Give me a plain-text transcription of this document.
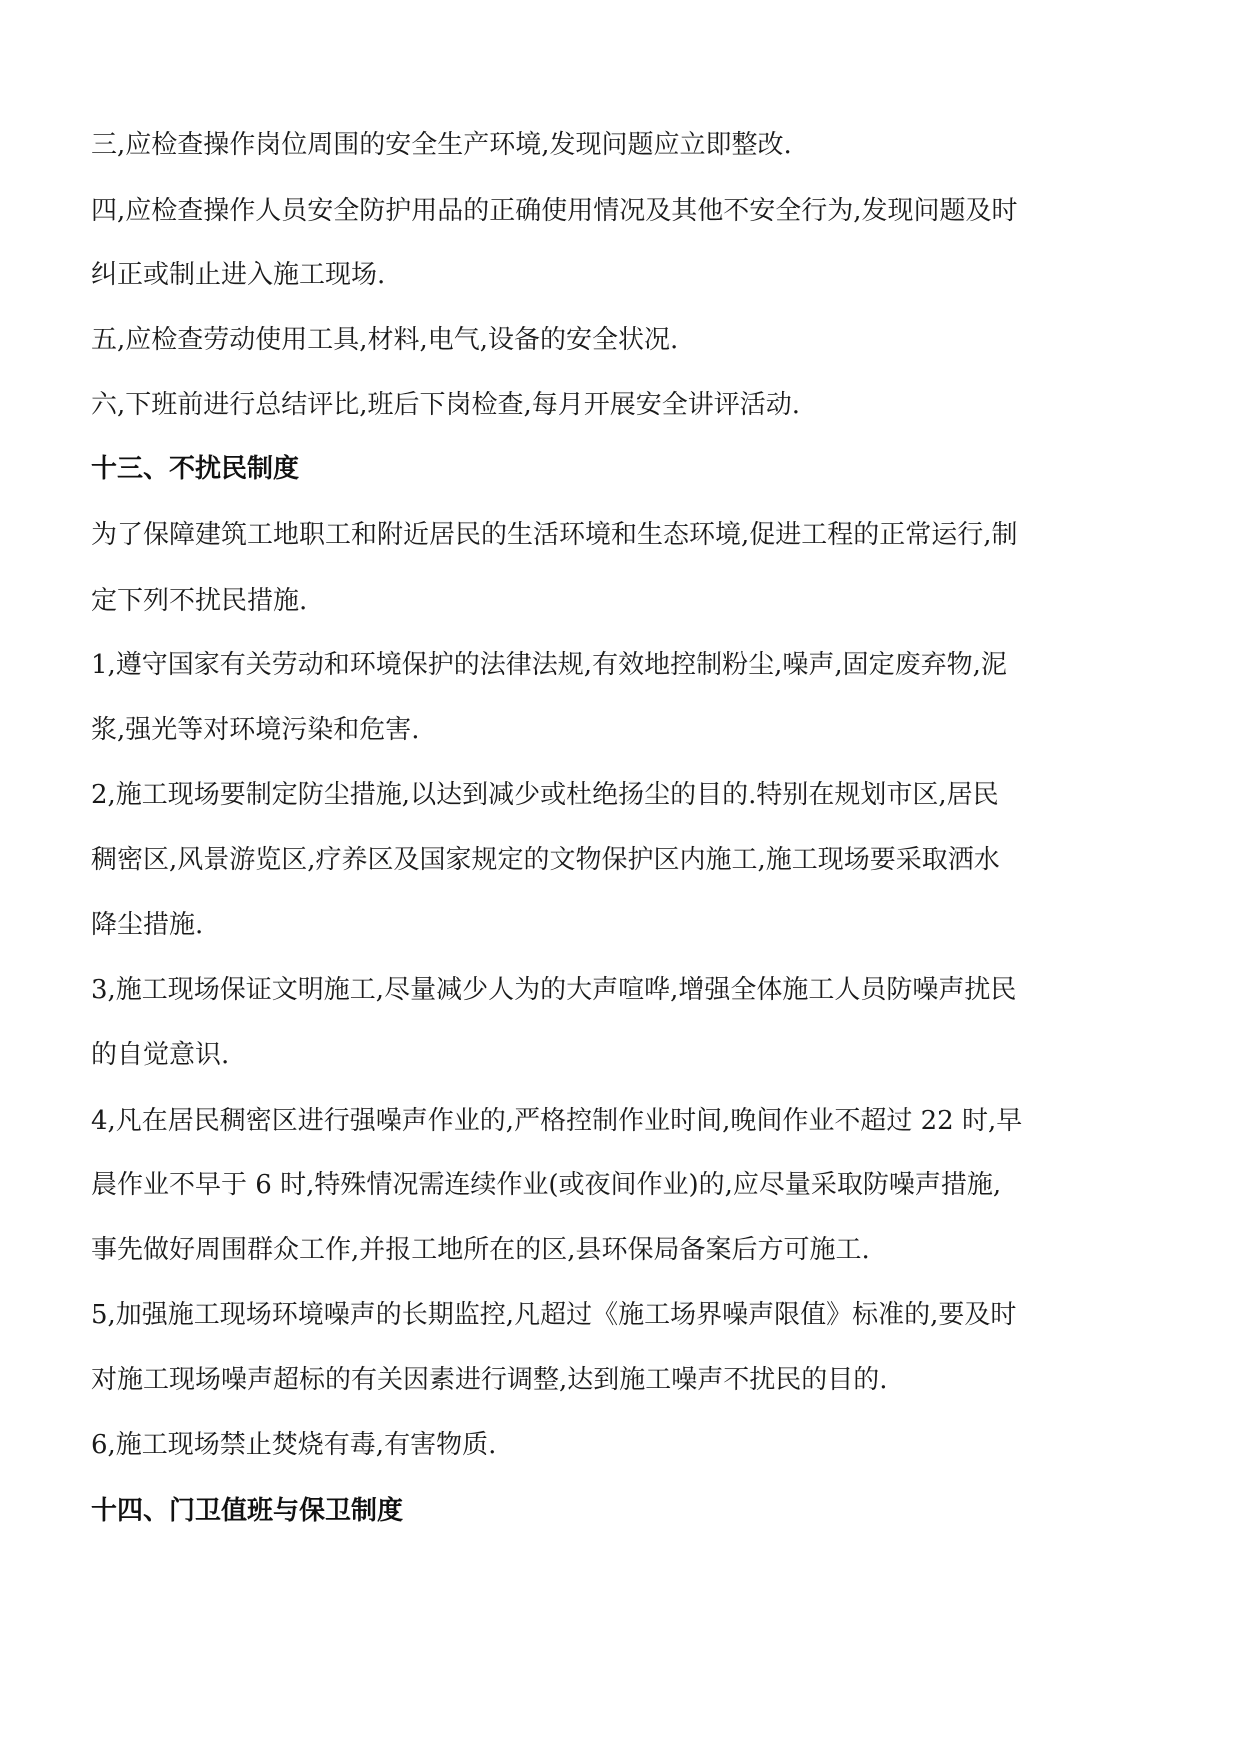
三,应检查操作岗位周围的安全生产环境,发现问题应立即整改.
四,应检查操作人员安全防护用品的正确使用情况及其他不安全行为,发现问题及时
纠正或制止进入施工现场.
五,应检查劳动使用工具,材料,电气,设备的安全状况.
六,下班前进行总结评比,班后下岗检查,每月开展安全讲评活动.
十三、不扰民制度
为了保障建筑工地职工和附近居民的生活环境和生态环境,促进工程的正常运行,制
定下列不扰民措施.
1,遵守国家有关劳动和环境保护的法律法规,有效地控制粉尘,噪声,固定废弃物,泥
浆,强光等对环境污染和危害.
2,施工现场要制定防尘措施,以达到减少或杜绝扬尘的目的.特别在规划市区,居民
稠密区,风景游览区,疗养区及国家规定的文物保护区内施工,施工现场要采取洒水
降尘措施.
3,施工现场保证文明施工,尽量减少人为的大声喧哗,增强全体施工人员防噪声扰民
的自觉意识.
4,凡在居民稠密区进行强噪声作业的,严格控制作业时间,晚间作业不超过 22 时,早
晨作业不早于 6 时,特殊情况需连续作业(或夜间作业)的,应尽量采取防噪声措施,
事先做好周围群众工作,并报工地所在的区,县环保局备案后方可施工.
5,加强施工现场环境噪声的长期监控,凡超过《施工场界噪声限值》标准的,要及时
对施工现场噪声超标的有关因素进行调整,达到施工噪声不扰民的目的.
6,施工现场禁止焚烧有毒,有害物质.
十四、门卫值班与保卫制度
